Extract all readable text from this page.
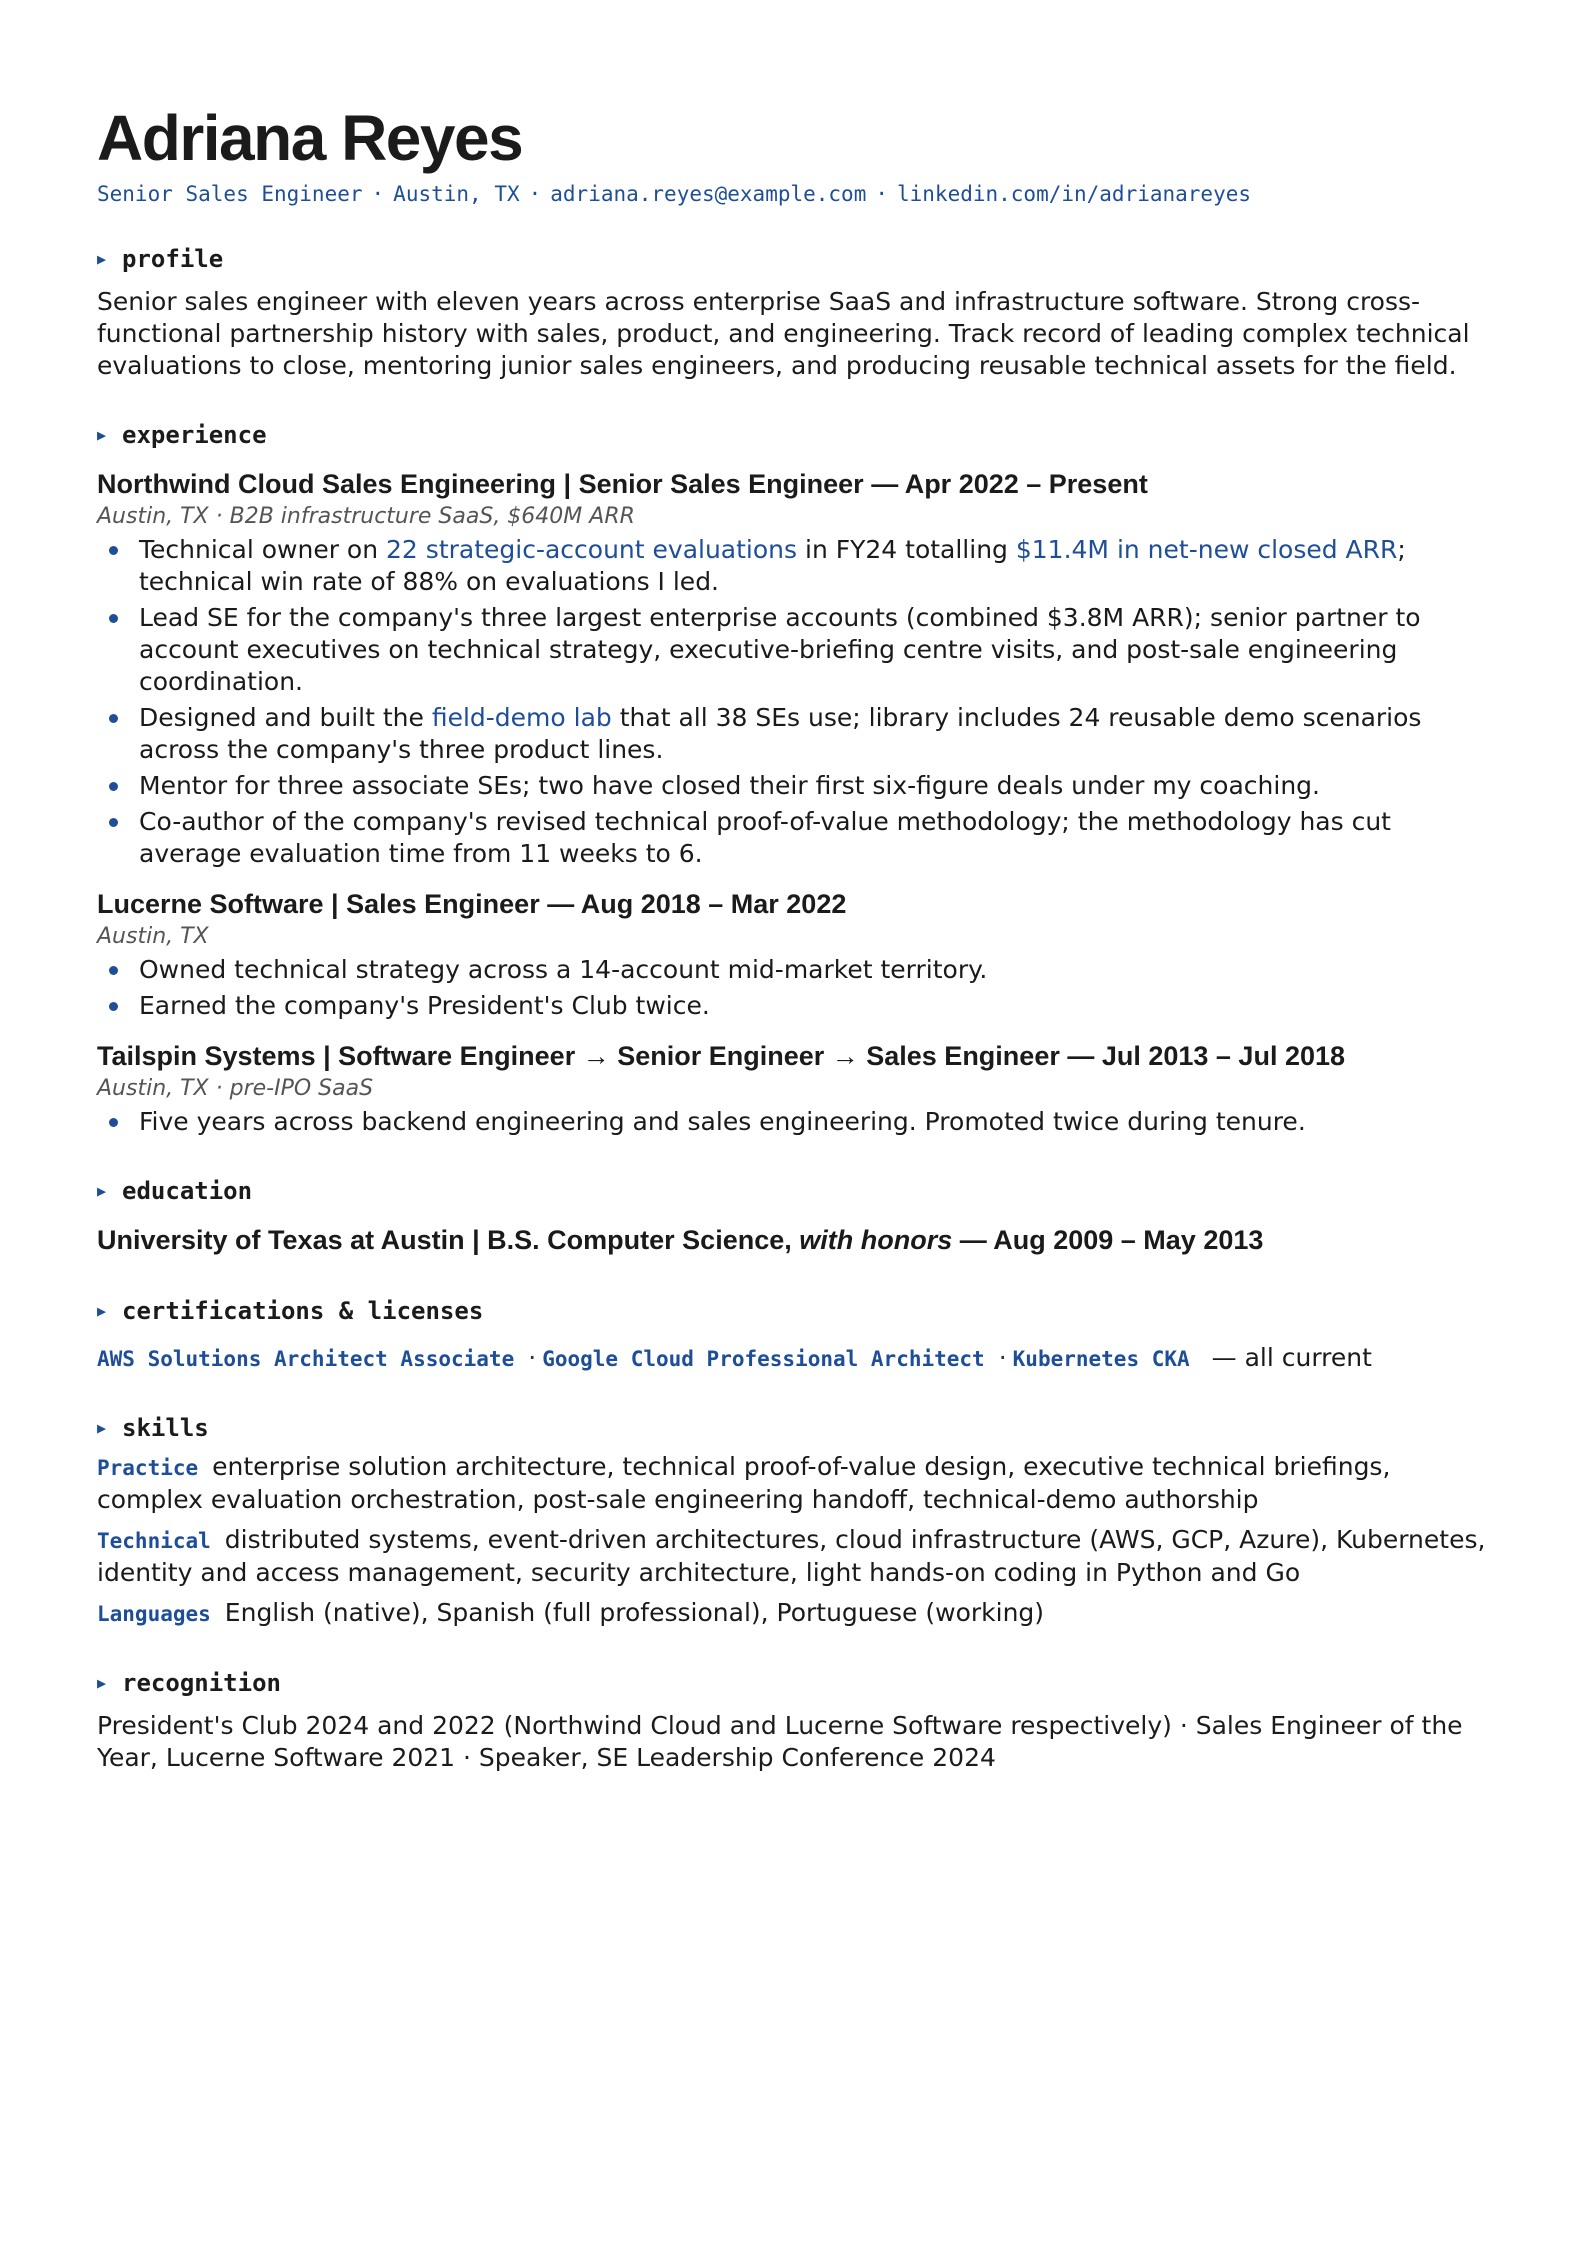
Adriana Reyes
Senior Sales Engineer · Austin, TX · adriana.reyes@example.com · linkedin.com/in/adrianareyes
▶ profile
Senior sales engineer with eleven years across enterprise SaaS and infrastructure software. Strong cross-functional partnership history with sales, product, and engineering. Track record of leading complex technical evaluations to close, mentoring junior sales engineers, and producing reusable technical assets for the field.
▶ experience
Northwind Cloud Sales Engineering | Senior Sales Engineer — Apr 2022 – Present
Austin, TX · B2B infrastructure SaaS, $640M ARR
Technical owner on 22 strategic-account evaluations in FY24 totalling $11.4M in net-new closed ARR; technical win rate of 88% on evaluations I led.
Lead SE for the company's three largest enterprise accounts (combined $3.8M ARR); senior partner to account executives on technical strategy, executive-briefing centre visits, and post-sale engineering coordination.
Designed and built the field-demo lab that all 38 SEs use; library includes 24 reusable demo scenarios across the company's three product lines.
Mentor for three associate SEs; two have closed their first six-figure deals under my coaching.
Co-author of the company's revised technical proof-of-value methodology; the methodology has cut average evaluation time from 11 weeks to 6.
Lucerne Software | Sales Engineer — Aug 2018 – Mar 2022
Austin, TX
Owned technical strategy across a 14-account mid-market territory.
Earned the company's President's Club twice.
Tailspin Systems | Software Engineer → Senior Engineer → Sales Engineer — Jul 2013 – Jul 2018
Austin, TX · pre-IPO SaaS
Five years across backend engineering and sales engineering. Promoted twice during tenure.
▶ education
University of Texas at Austin | B.S. Computer Science, with honors — Aug 2009 – May 2013
▶ certifications & licenses
AWS Solutions Architect Associate · Google Cloud Professional Architect · Kubernetes CKA — all current
▶ skills
Practice enterprise solution architecture, technical proof-of-value design, executive technical briefings, complex evaluation orchestration, post-sale engineering handoff, technical-demo authorship
Technical distributed systems, event-driven architectures, cloud infrastructure (AWS, GCP, Azure), Kubernetes, identity and access management, security architecture, light hands-on coding in Python and Go
Languages English (native), Spanish (full professional), Portuguese (working)
▶ recognition
President's Club 2024 and 2022 (Northwind Cloud and Lucerne Software respectively) · Sales Engineer of the Year, Lucerne Software 2021 · Speaker, SE Leadership Conference 2024
